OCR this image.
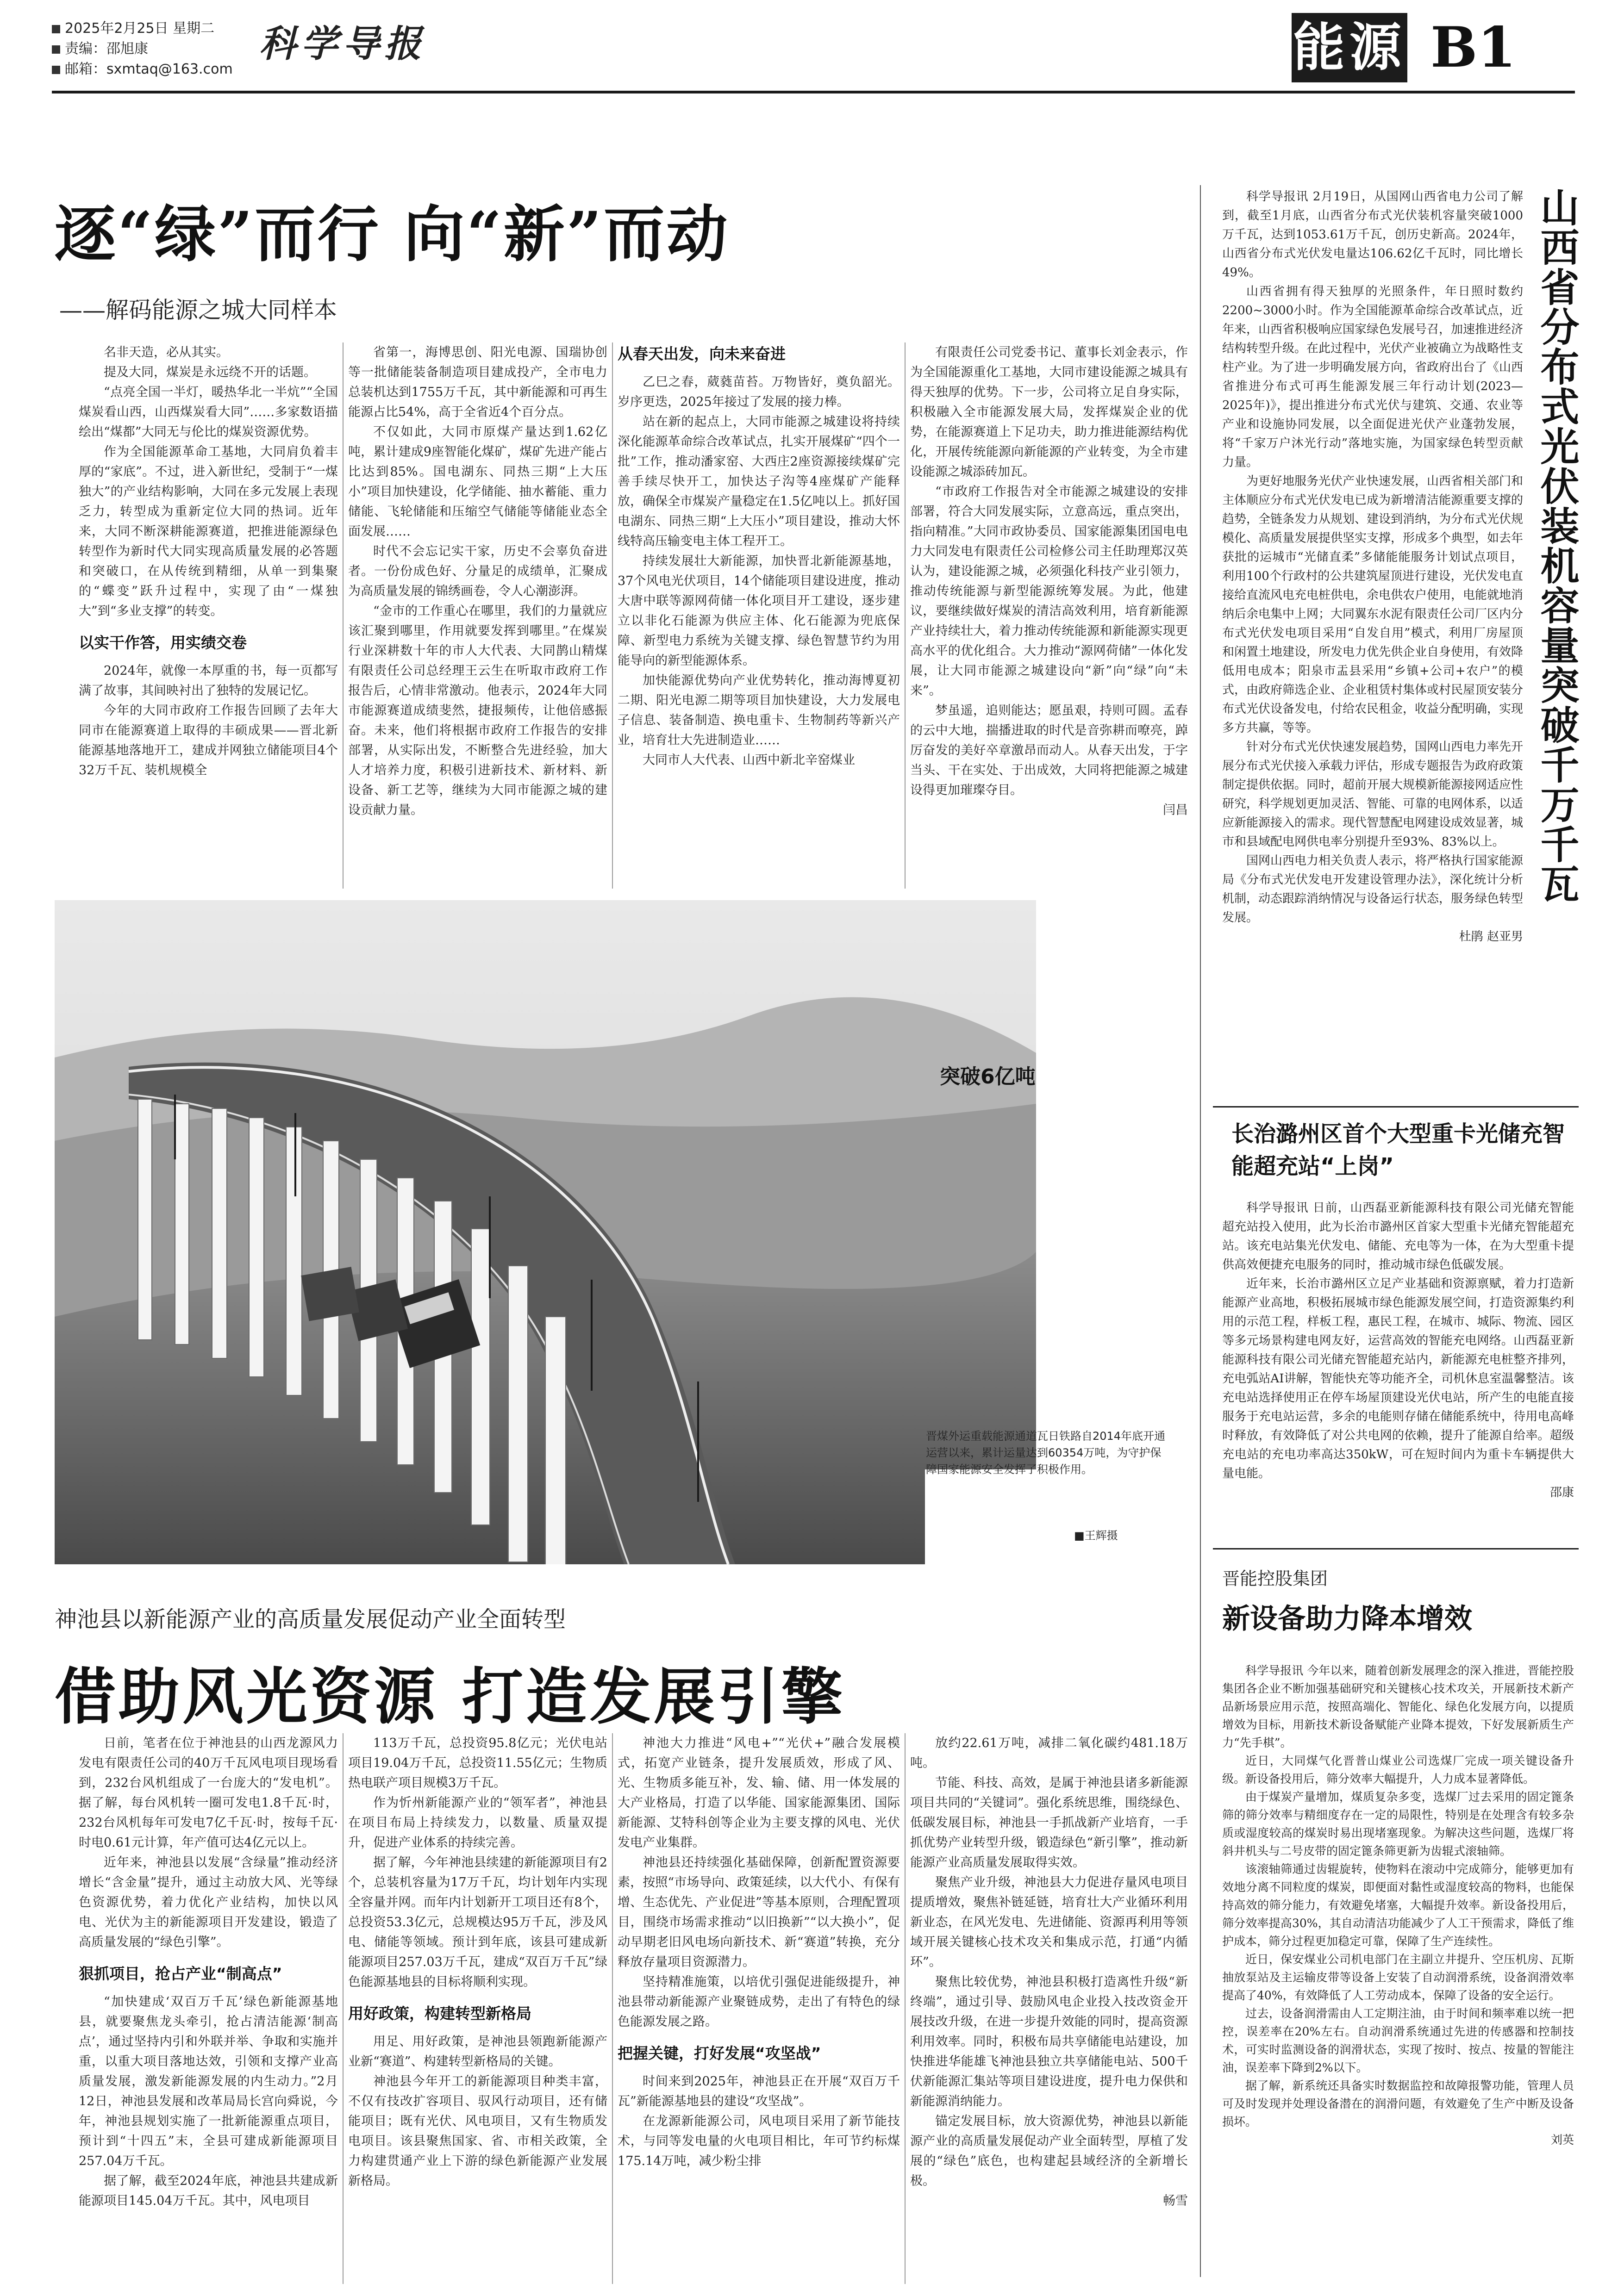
2025年2月25日 星期二
责编：邵旭康
邮箱：sxmtaq@163.com
科学导报	能源 B1
逐“绿”而行 向“新”而动
——解码能源之城大同样本

名非天造，必从其实。

提及大同，煤炭是永远绕不开的话题。

“点亮全国一半灯，暖热华北一半炕”“全国煤炭看山西，山西煤炭看大同”……多家数语描绘出“煤都”大同无与伦比的煤炭资源优势。

作为全国能源革命工基地，大同肩负着丰厚的“家底”。不过，进入新世纪，受制于“一煤独大”的产业结构影响，大同在多元发展上表现乏力，转型成为重新定位大同的热词。近年来，大同不断深耕能源赛道，把推进能源绿色转型作为新时代大同实现高质量发展的必答题和突破口，在从传统到精细，从单一到集聚的“蝶变”跃升过程中，实现了由“一煤独大”到“多业支撑”的转变。

以实干作答，用实绩交卷

2024年，就像一本厚重的书，每一页都写满了故事，其间映衬出了独特的发展记忆。

今年的大同市政府工作报告回顾了去年大同市在能源赛道上取得的丰硕成果——晋北新能源基地落地开工，建成并网独立储能项目4个32万千瓦、装机规模全

省第一，海博思创、阳光电源、国瑞协创等一批储能装备制造项目建成投产，全市电力总装机达到1755万千瓦，其中新能源和可再生能源占比54%，高于全省近4个百分点。

不仅如此，大同市原煤产量达到1.62亿吨，累计建成9座智能化煤矿，煤矿先进产能占比达到85%。国电湖东、同热三期“上大压小”项目加快建设，化学储能、抽水蓄能、重力储能、飞轮储能和压缩空气储能等储能业态全面发展……

时代不会忘记实干家，历史不会辜负奋进者。一份份成色好、分量足的成绩单，汇聚成为高质量发展的锦绣画卷，令人心潮澎湃。

“金市的工作重心在哪里，我们的力量就应该汇聚到哪里，作用就要发挥到哪里。”在煤炭行业深耕数十年的市人大代表、大同鹊山精煤有限责任公司总经理王云生在听取市政府工作报告后，心情非常激动。他表示，2024年大同市能源赛道成绩斐然，捷报频传，让他倍感振奋。未来，他们将根据市政府工作报告的安排部署，从实际出发，不断整合先进经验，加大人才培养力度，积极引进新技术、新材料、新设备、新工艺等，继续为大同市能源之城的建设贡献力量。

从春天出发，向未来奋进

乙巳之春，葳蕤苗苔。万物皆好，奠负韶光。岁序更迭，2025年接过了发展的接力棒。

站在新的起点上，大同市能源之城建设将持续深化能源革命综合改革试点，扎实开展煤矿“四个一批”工作，推动潘家窑、大西庄2座资源接续煤矿完善手续尽快开工，加快达子沟等4座煤矿产能释放，确保全市煤炭产量稳定在1.5亿吨以上。抓好国电湖东、同热三期“上大压小”项目建设，推动大怀线特高压输变电主体工程开工。

持续发展壮大新能源，加快晋北新能源基地，37个风电光伏项目，14个储能项目建设进度，推动大唐中联等源网荷储一体化项目开工建设，逐步建立以非化石能源为供应主体、化石能源为兜底保障、新型电力系统为关键支撑、绿色智慧节约为用能导向的新型能源体系。

加快能源优势向产业优势转化，推动海博夏初二期、阳光电源二期等项目加快建设，大力发展电子信息、装备制造、换电重卡、生物制药等新兴产业，培育壮大先进制造业……

大同市人大代表、山西中新北辛窑煤业

有限责任公司党委书记、董事长刘金表示，作为全国能源重化工基地，大同市建设能源之城具有得天独厚的优势。下一步，公司将立足自身实际，积极融入全市能源发展大局，发挥煤炭企业的优势，在能源赛道上下足功夫，助力推进能源结构优化，开展传统能源向新能源的产业转变，为全市建设能源之城添砖加瓦。

“市政府工作报告对全市能源之城建设的安排部署，符合大同发展实际，立意高远，重点突出，指向精准。”大同市政协委员、国家能源集团国电电力大同发电有限责任公司检修公司主任助理郑汉英认为，建设能源之城，必须强化科技产业引领力，推动传统能源与新型能源统筹发展。为此，他建议，要继续做好煤炭的清洁高效利用，培育新能源产业持续壮大，着力推动传统能源和新能源实现更高水平的优化组合。大力推动“源网荷储”一体化发展，让大同市能源之城建设向“新”向“绿”向“未来”。

梦虽遥，追则能达；愿虽艰，持则可圆。孟春的云中大地，揣播进取的时代是音弥耕而嘹亮，踔厉奋发的美好卒章激昂而动人。从春天出发，于字当头、干在实处、于出成效，大同将把能源之城建设得更加璀璨夺目。

闫昌

突破6亿吨
晋煤外运重载能源通道瓦日铁路自2014年底开通运营以来，累计运量达到60354万吨，为守护保障国家能源安全发挥了积极作用。
■王辉摄
神池县以新能源产业的高质量发展促动产业全面转型
借助风光资源 打造发展引擎

日前，笔者在位于神池县的山西龙源风力发电有限责任公司的40万千瓦风电项目现场看到，232台风机组成了一台庞大的“发电机”。据了解，每台风机转一圈可发电1.8千瓦·时，232台风机每年可发电7亿千瓦·时，按每千瓦·时电0.61元计算，年产值可达4亿元以上。

近年来，神池县以发展“含绿量”推动经济增长“含金量”提升，通过主动放大风、光等绿色资源优势，着力优化产业结构，加快以风电、光伏为主的新能源项目开发建设，锻造了高质量发展的“绿色引擎”。

狠抓项目，抢占产业“制高点”

“加快建成‘双百万千瓦’绿色新能源基地县，就要聚焦龙头牵引，抢占清洁能源‘制高点’，通过坚持内引和外联并举、争取和实施并重，以重大项目落地达效，引领和支撑产业高质量发展，激发新能源发展的内生动力。”2月12日，神池县发展和改革局局长宫向舜说，今年，神池县规划实施了一批新能源重点项目，预计到“十四五”末，全县可建成新能源项目257.04万千瓦。

据了解，截至2024年底，神池县共建成新能源项目145.04万千瓦。其中，风电项目

113万千瓦，总投资95.8亿元；光伏电站项目19.04万千瓦，总投资11.55亿元；生物质热电联产项目规模3万千瓦。

作为忻州新能源产业的“领军者”，神池县在项目布局上持续发力，以数量、质量双提升，促进产业体系的持续完善。

据了解，今年神池县续建的新能源项目有2个，总装机容量为17万千瓦，均计划年内实现全容量并网。而年内计划新开工项目还有8个，总投资53.3亿元，总规模达95万千瓦，涉及风电、储能等领域。预计到年底，该县可建成新能源项目257.03万千瓦，建成“双百万千瓦”绿色能源基地县的目标将顺利实现。

用好政策，构建转型新格局

用足、用好政策，是神池县领跑新能源产业新“赛道”、构建转型新格局的关键。

神池县今年开工的新能源项目种类丰富，不仅有技改扩容项目、驭风行动项目，还有储能项目；既有光伏、风电项目，又有生物质发电项目。该县聚焦国家、省、市相关政策，全力构建贯通产业上下游的绿色新能源产业发展新格局。

神池大力推进“风电+”“光伏+”融合发展模式，拓宽产业链条，提升发展质效，形成了风、光、生物质多能互补，发、输、储、用一体发展的大产业格局，打造了以华能、国家能源集团、国际新能源、艾特科创等企业为主要支撑的风电、光伏发电产业集群。

神池县还持续强化基础保障，创新配置资源要素，按照“市场导向、政策延续，以大代小、有保有增、生态优先、产业促进”等基本原则，合理配置项目，围绕市场需求推动“以旧换新”“以大换小”，促动早期老旧风电场向新技术、新“赛道”转换，充分释放存量项目资源潜力。

坚持精准施策，以培优引强促进能级提升，神池县带动新能源产业聚链成势，走出了有特色的绿色能源发展之路。

把握关键，打好发展“攻坚战”

时间来到2025年，神池县正在开展“双百万千瓦”新能源基地县的建设“攻坚战”。

在龙源新能源公司，风电项目采用了新节能技术，与同等发电量的火电项目相比，年可节约标煤175.14万吨，减少粉尘排

放约22.61万吨，减排二氧化碳约481.18万吨。

节能、科技、高效，是属于神池县诸多新能源项目共同的“关键词”。强化系统思维，围绕绿色、低碳发展目标，神池县一手抓战新产业培育，一手抓优势产业转型升级，锻造绿色“新引擎”，推动新能源产业高质量发展取得实效。

聚焦产业升级，神池县大力促进存量风电项目提质增效，聚焦补链延链，培育壮大产业循环利用新业态，在风光发电、先进储能、资源再利用等领域开展关键核心技术攻关和集成示范，打通“内循环”。

聚焦比较优势，神池县积极打造离性升级“新终端”，通过引导、鼓励风电企业投入技改资金开展技改升级，在进一步提升效能的同时，提高资源利用效率。同时，积极布局共享储能电站建设，加快推进华能雄飞神池县独立共享储能电站、500千伏新能源汇集站等项目建设进度，提升电力保供和新能源消纳能力。

锚定发展目标，放大资源优势，神池县以新能源产业的高质量发展促动产业全面转型，厚植了发展的“绿色”底色，也构建起县域经济的全新增长极。

畅雪

科学导报讯 2月19日，从国网山西省电力公司了解到，截至1月底，山西省分布式光伏装机容量突破1000万千瓦，达到1053.61万千瓦，创历史新高。2024年，山西省分布式光伏发电量达106.62亿千瓦时，同比增长49%。

山西省拥有得天独厚的光照条件，年日照时数约2200~3000小时。作为全国能源革命综合改革试点，近年来，山西省积极响应国家绿色发展号召，加速推进经济结构转型升级。在此过程中，光伏产业被确立为战略性支柱产业。为了进一步明确发展方向，省政府出台了《山西省推进分布式可再生能源发展三年行动计划(2023—2025年)》，提出推进分布式光伏与建筑、交通、农业等产业和设施协同发展，以全面促进光伏产业蓬勃发展，将“千家万户沐光行动”落地实施，为国家绿色转型贡献力量。

为更好地服务光伏产业快速发展，山西省相关部门和主体顺应分布式光伏发电已成为新增清洁能源重要支撑的趋势，全链条发力从规划、建设到消纳，为分布式光伏规模化、高质量发展提供坚实支撑，形成多个典型，如去年获批的运城市“光储直柔”多储能能服务计划试点项目，利用100个行政村的公共建筑屋顶进行建设，光伏发电直接给直流风电充电桩供电，余电供农户使用，电能就地消纳后余电集中上网；大同翼东水泥有限责任公司厂区内分布式光伏发电项目采用“自发自用”模式，利用厂房屋顶和闲置土地建设，所发电力优先供企业自身使用，有效降低用电成本；阳泉市盂县采用“乡镇+公司+农户”的模式，由政府筛选企业、企业租赁村集体或村民屋顶安装分布式光伏设备发电，付给农民租金，收益分配明确，实现多方共赢，等等。

针对分布式光伏快速发展趋势，国网山西电力率先开展分布式光伏接入承载力评估，形成专题报告为政府政策制定提供依据。同时，超前开展大规模新能源接网适应性研究，科学规划更加灵活、智能、可靠的电网体系，以适应新能源接入的需求。现代智慧配电网建设成效显著，城市和县域配电网供电率分别提升至93%、83%以上。

国网山西电力相关负责人表示，将严格执行国家能源局《分布式光伏发电开发建设管理办法》，深化统计分析机制，动态跟踪消纳情况与设备运行状态，服务绿色转型发展。

杜鹃 赵亚男

山西省分布式光伏装机容量突破千万千瓦
长治潞州区首个大型重卡光储充智能超充站“上岗”

科学导报讯 日前，山西磊亚新能源科技有限公司光储充智能超充站投入使用，此为长治市潞州区首家大型重卡光储充智能超充站。该充电站集光伏发电、储能、充电等为一体，在为大型重卡提供高效便捷充电服务的同时，推动城市绿色低碳发展。

近年来，长治市潞州区立足产业基础和资源禀赋，着力打造新能源产业高地，积极拓展城市绿色能源发展空间，打造资源集约利用的示范工程，样板工程，惠民工程，在城市、城际、物流、园区等多元场景构建电网友好，运营高效的智能充电网络。山西磊亚新能源科技有限公司光储充智能超充站内，新能源充电桩整齐排列，充电弧站AI讲解，智能快充等功能齐全，司机休息室温馨整洁。该充电站选择使用正在停车场屋顶建设光伏电站，所产生的电能直接服务于充电站运营，多余的电能则存储在储能系统中，待用电高峰时释放，有效降低了对公共电网的依赖，提升了能源自给率。超级充电站的充电功率高达350kW，可在短时间内为重卡车辆提供大量电能。

邵康

晋能控股集团
新设备助力降本增效

科学导报讯 今年以来，随着创新发展理念的深入推进，晋能控股集团各企业不断加强基础研究和关键核心技术攻关，开展新技术新产品新场景应用示范，按照高端化、智能化、绿色化发展方向，以提质增效为目标，用新技术新设备赋能产业降本提效，下好发展新质生产力“先手棋”。

近日，大同煤气化晋普山煤业公司选煤厂完成一项关键设备升级。新设备投用后，筛分效率大幅提升，人力成本显著降低。

由于煤炭产量增加，煤质复杂多变，选煤厂过去采用的固定篦条筛的筛分效率与精细度存在一定的局限性，特别是在处理含有较多杂质或湿度较高的煤炭时易出现堵塞现象。为解决这些问题，选煤厂将斜井机头与二号皮带的固定篦条筛更新为齿辊式滚轴筛。

该滚轴筛通过齿辊旋转，使物料在滚动中完成筛分，能够更加有效地分离不同粒度的煤炭，即便面对黏性或湿度较高的物料，也能保持高效的筛分能力，有效避免堵塞，大幅提升效率。新设备投用后，筛分效率提高30%，其自动清洁功能减少了人工干预需求，降低了维护成本，筛分过程更加稳定可靠，保障了生产连续性。

近日，保安煤业公司机电部门在主副立井提升、空压机房、瓦斯抽放泵站及主运输皮带等设备上安装了自动润滑系统，设备润滑效率提高了40%，有效降低了人工劳动成本，保障了设备的安全运行。

过去，设备润滑需由人工定期注油，由于时间和频率难以统一把控，误差率在20%左右。自动润滑系统通过先进的传感器和控制技术，可实时监测设备的润滑状态，实现了按时、按点、按量的智能注油，误差率下降到2%以下。

据了解，新系统还具备实时数据监控和故障报警功能，管理人员可及时发现并处理设备潜在的润滑问题，有效避免了生产中断及设备损坏。

刘英
